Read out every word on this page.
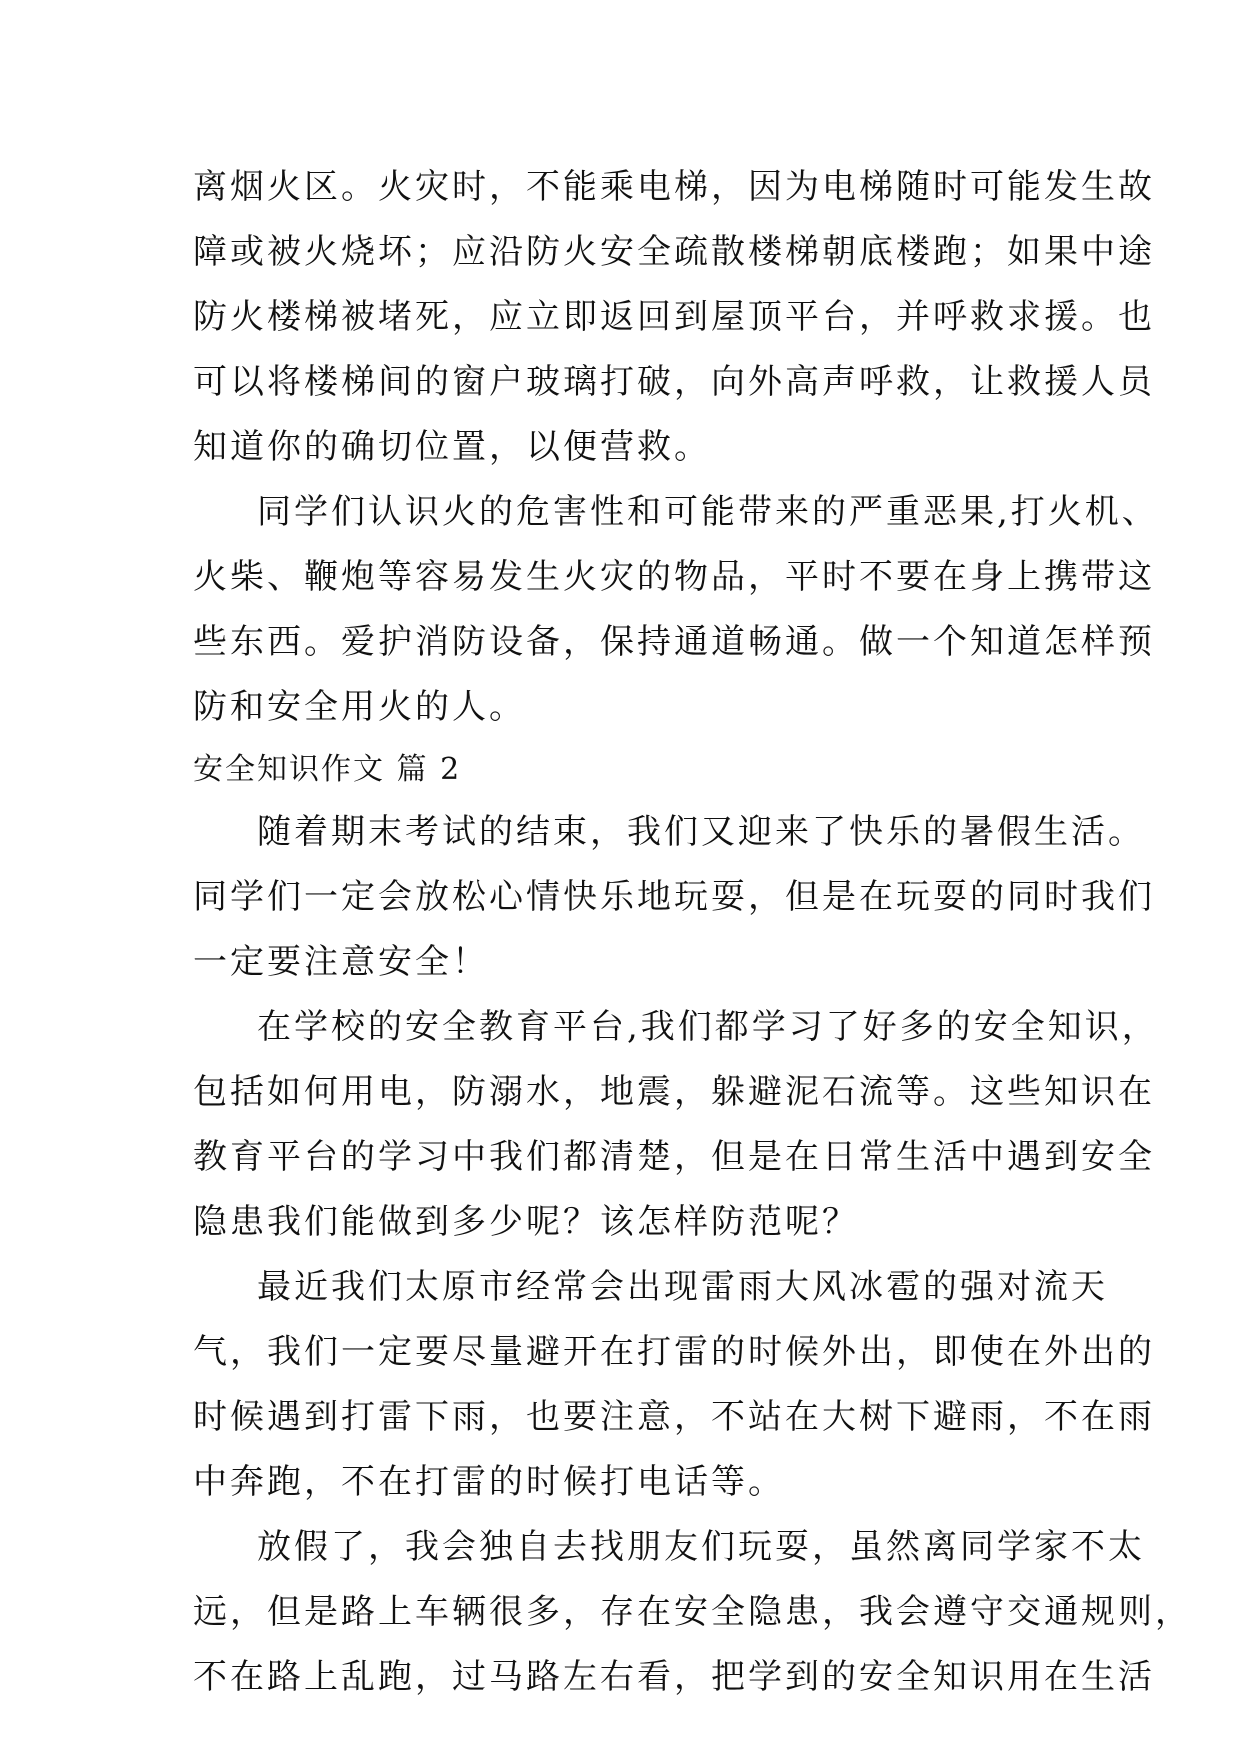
离烟火区。火灾时，不能乘电梯，因为电梯随时可能发生故
障或被火烧坏；应沿防火安全疏散楼梯朝底楼跑；如果中途
防火楼梯被堵死，应立即返回到屋顶平台，并呼救求援。也
可以将楼梯间的窗户玻璃打破，向外高声呼救，让救援人员
知道你的确切位置，以便营救。
同学们认识火的危害性和可能带来的严重恶果,打火机、
火柴、鞭炮等容易发生火灾的物品，平时不要在身上携带这
些东西。爱护消防设备，保持通道畅通。做一个知道怎样预
防和安全用火的人。
安全知识作文 篇 2
随着期末考试的结束，我们又迎来了快乐的暑假生活。
同学们一定会放松心情快乐地玩耍，但是在玩耍的同时我们
一定要注意安全！
在学校的安全教育平台,我们都学习了好多的安全知识，
包括如何用电，防溺水，地震，躲避泥石流等。这些知识在
教育平台的学习中我们都清楚，但是在日常生活中遇到安全
隐患我们能做到多少呢？该怎样防范呢？
最近我们太原市经常会出现雷雨大风冰雹的强对流天
气，我们一定要尽量避开在打雷的时候外出，即使在外出的
时候遇到打雷下雨，也要注意，不站在大树下避雨，不在雨
中奔跑，不在打雷的时候打电话等。
放假了，我会独自去找朋友们玩耍，虽然离同学家不太
远，但是路上车辆很多，存在安全隐患，我会遵守交通规则，
不在路上乱跑，过马路左右看，把学到的安全知识用在生活
